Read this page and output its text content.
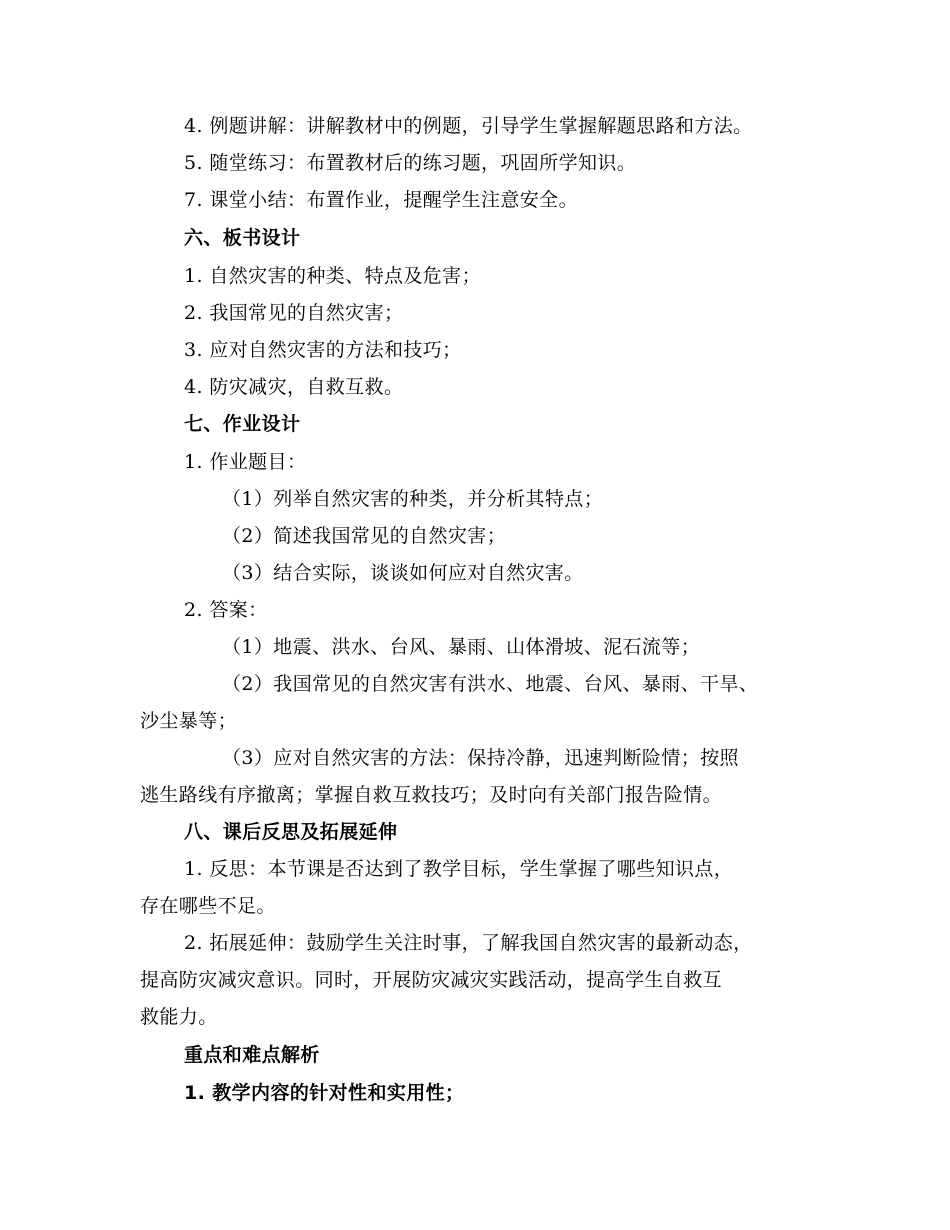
4. 例题讲解：讲解教材中的例题，引导学生掌握解题思路和方法。
5. 随堂练习：布置教材后的练习题，巩固所学知识。
7. 课堂小结：布置作业，提醒学生注意安全。
六、板书设计
1. 自然灾害的种类、特点及危害；
2. 我国常见的自然灾害；
3. 应对自然灾害的方法和技巧；
4. 防灾减灾，自救互救。
七、作业设计
1. 作业题目：
（1）列举自然灾害的种类，并分析其特点；
（2）简述我国常见的自然灾害；
（3）结合实际，谈谈如何应对自然灾害。
2. 答案：
（1）地震、洪水、台风、暴雨、山体滑坡、泥石流等；
（2）我国常见的自然灾害有洪水、地震、台风、暴雨、干旱、
沙尘暴等；
（3）应对自然灾害的方法：保持冷静，迅速判断险情；按照
逃生路线有序撤离；掌握自救互救技巧；及时向有关部门报告险情。
八、课后反思及拓展延伸
1. 反思：本节课是否达到了教学目标，学生掌握了哪些知识点，
存在哪些不足。
2. 拓展延伸：鼓励学生关注时事，了解我国自然灾害的最新动态，
提高防灾减灾意识。同时，开展防灾减灾实践活动，提高学生自救互
救能力。
重点和难点解析
1. 教学内容的针对性和实用性；
